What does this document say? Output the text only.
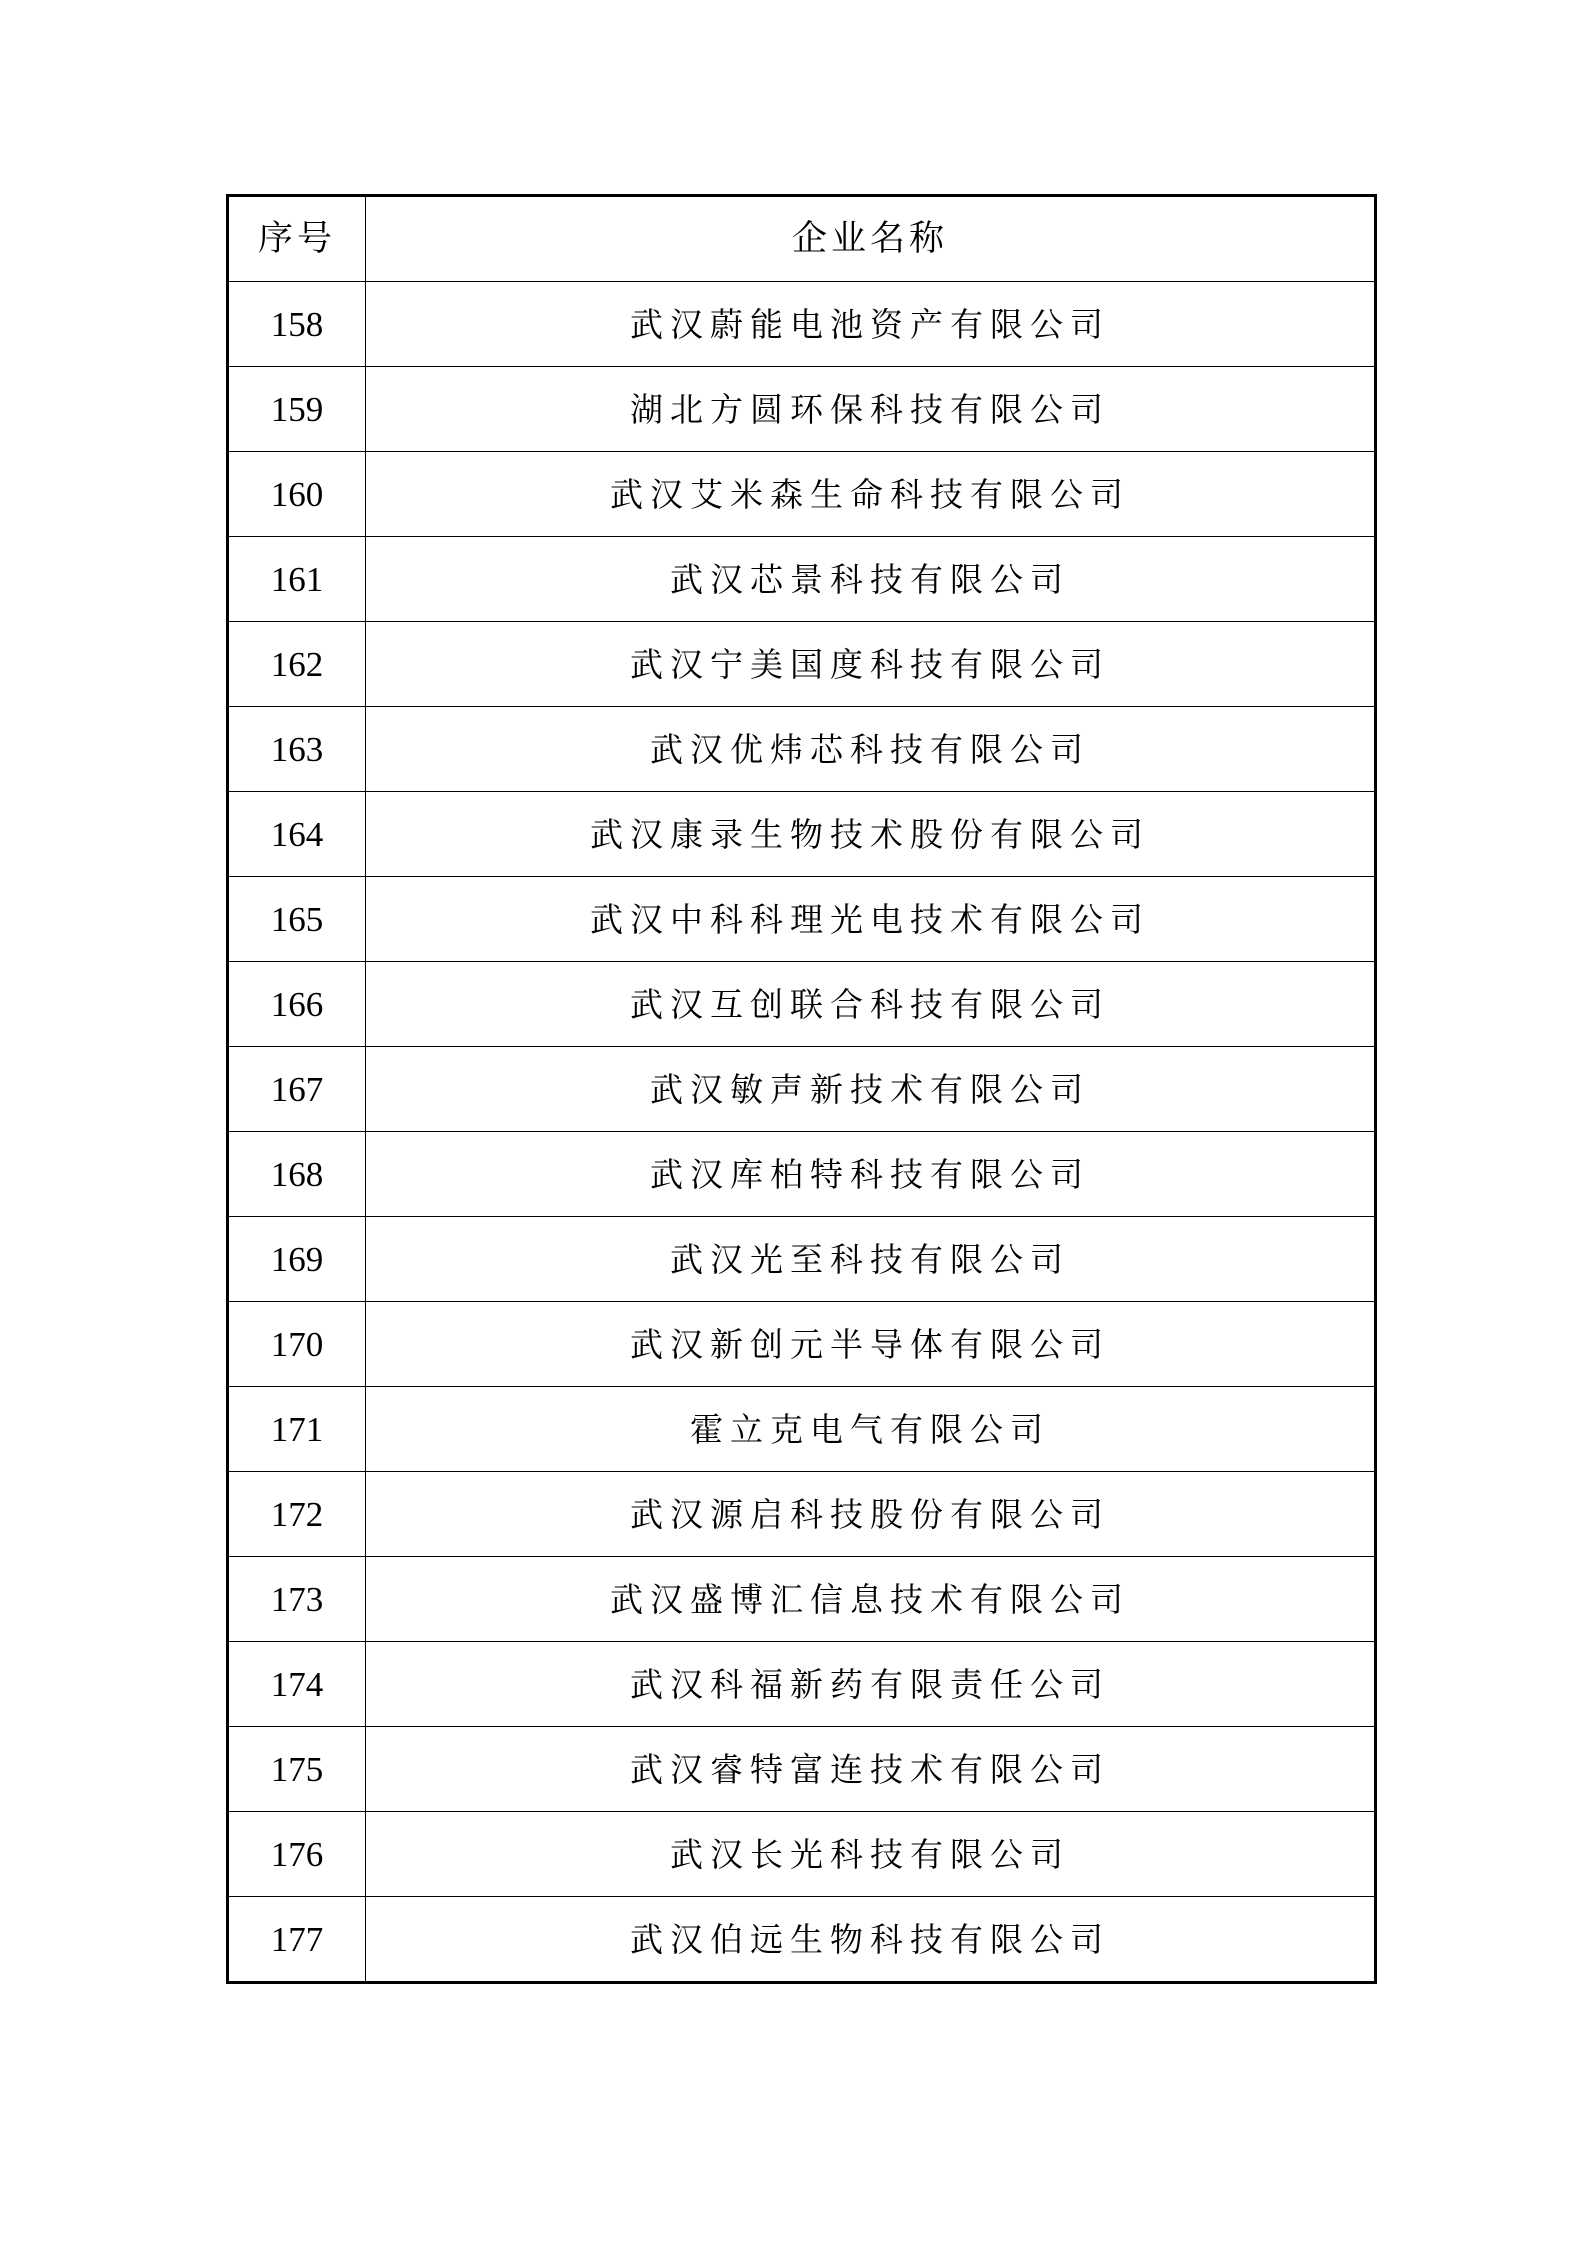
序号	企业名称
158	武汉蔚能电池资产有限公司
159	湖北方圆环保科技有限公司
160	武汉艾米森生命科技有限公司
161	武汉芯景科技有限公司
162	武汉宁美国度科技有限公司
163	武汉优炜芯科技有限公司
164	武汉康录生物技术股份有限公司
165	武汉中科科理光电技术有限公司
166	武汉互创联合科技有限公司
167	武汉敏声新技术有限公司
168	武汉库柏特科技有限公司
169	武汉光至科技有限公司
170	武汉新创元半导体有限公司
171	霍立克电气有限公司
172	武汉源启科技股份有限公司
173	武汉盛博汇信息技术有限公司
174	武汉科福新药有限责任公司
175	武汉睿特富连技术有限公司
176	武汉长光科技有限公司
177	武汉伯远生物科技有限公司
